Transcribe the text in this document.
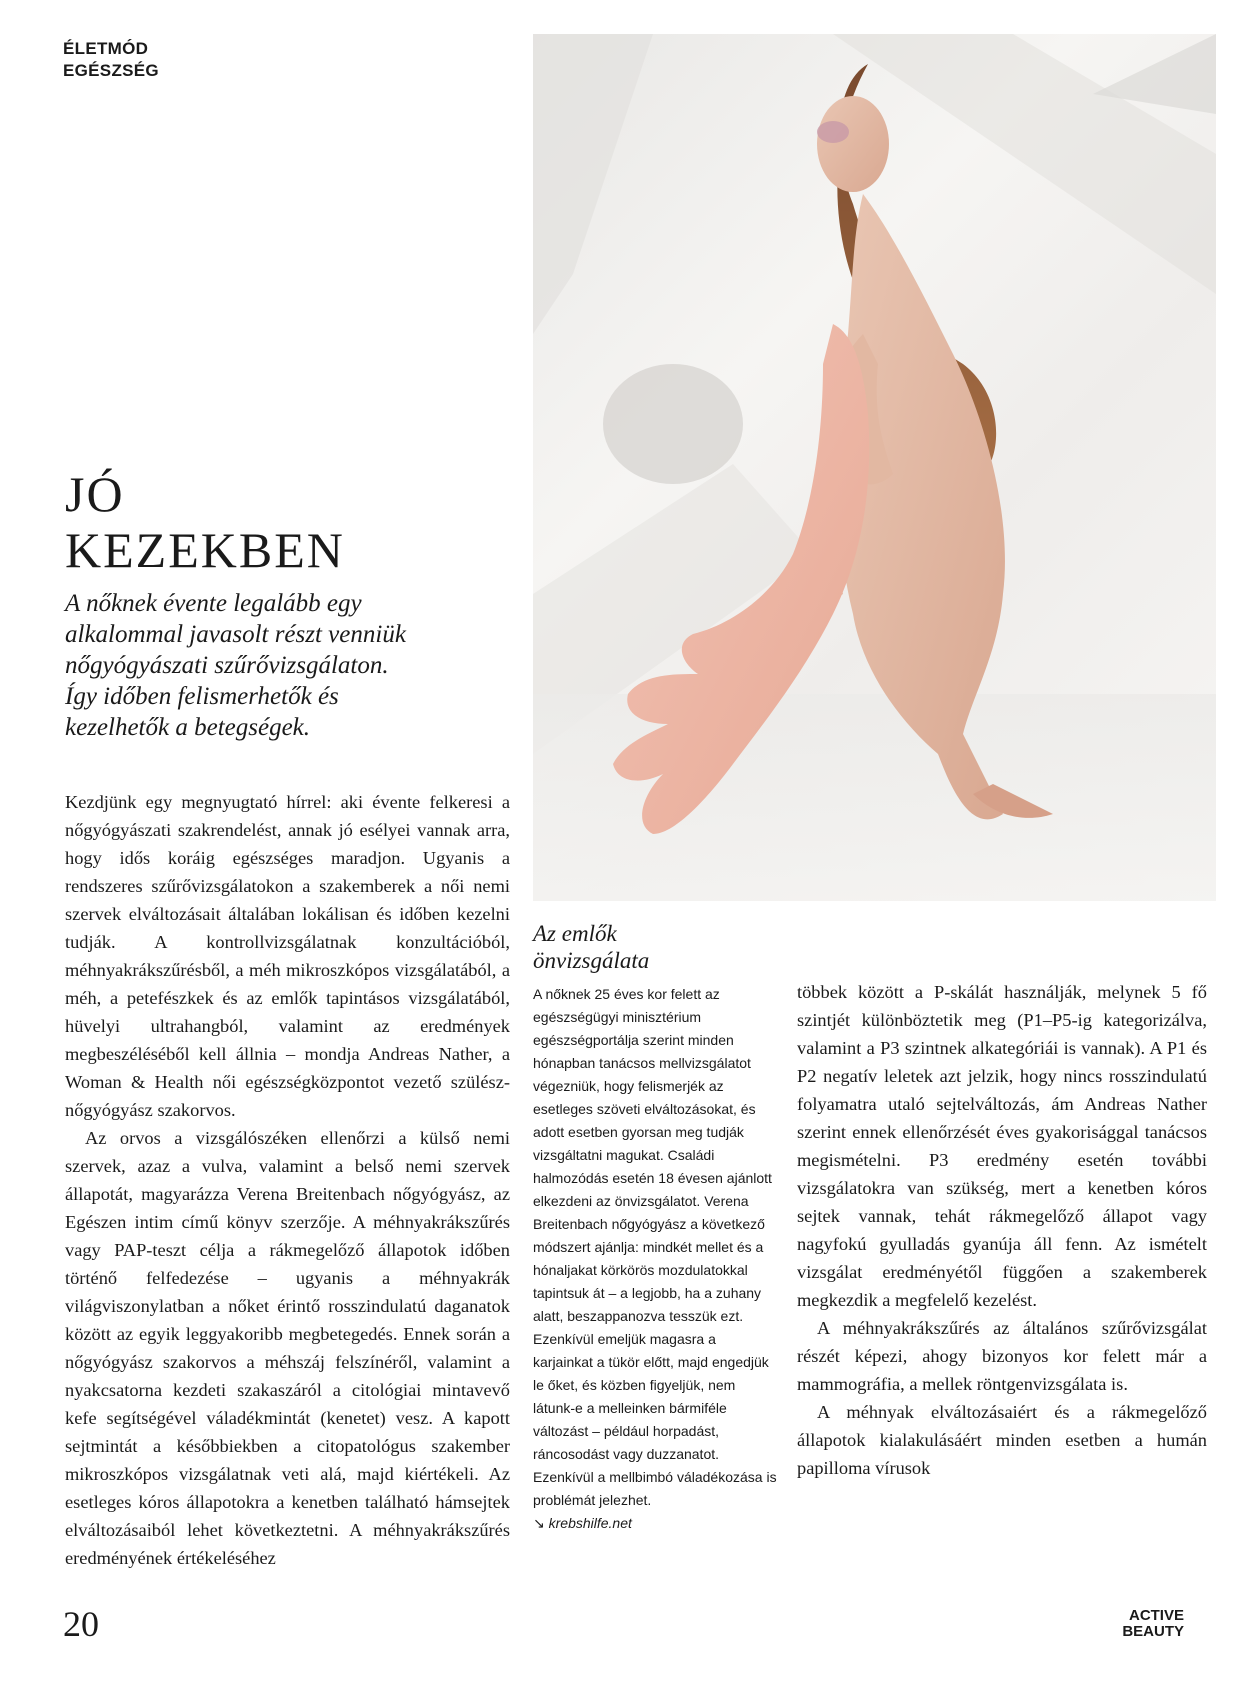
ÉLETMÓD
EGÉSZSÉG
JÓ
KEZEKBEN
A nőknek évente legalább egy
alkalommal javasolt részt venniük
nőgyógyászati szűrővizsgálaton.
Így időben felismerhetők és
kezelhetők a betegségek.

Kezdjünk egy megnyugtató hírrel: aki évente felkeresi a nőgyógyászati szakrendelést, annak jó esélyei vannak arra, hogy idős koráig egészséges maradjon. Ugyanis a rendszeres szűrővizsgálatokon a szakemberek a női nemi szervek elváltozásait általában lokálisan és időben kezelni tudják. A kontrollvizsgálatnak konzultációból, méhnyakrákszűrésből, a méh mikroszkópos vizsgálatából, a méh, a petefészkek és az emlők tapintásos vizsgálatából, hüvelyi ultrahangból, valamint az eredmények megbeszéléséből kell állnia – mondja Andreas Nather, a Woman & Health női egészségközpontot vezető szülész-nőgyógyász szakorvos.

Az orvos a vizsgálószéken ellenőrzi a külső nemi szervek, azaz a vulva, valamint a belső nemi szervek állapotát, magyarázza Verena Breitenbach nőgyógyász, az Egészen intim című könyv szerzője. A méhnyakrákszűrés vagy PAP-teszt célja a rákmegelőző állapotok időben történő felfedezése – ugyanis a méhnyakrák világviszonylatban a nőket érintő rosszindulatú daganatok között az egyik leggyakoribb megbetegedés. Ennek során a nőgyógyász szakorvos a méhszáj felszínéről, valamint a nyakcsatorna kezdeti szakaszáról a citológiai mintavevő kefe segítségével váladékmintát (kenetet) vesz. A kapott sejtmintát a későbbiekben a citopatológus szakember mikroszkópos vizsgálatnak veti alá, majd kiértékeli. Az esetleges kóros állapotokra a kenetben található hámsejtek elváltozásaiból lehet következtetni. A méhnyakrákszűrés eredményének értékeléséhez

Az emlők
önvizsgálata

A nőknek 25 éves kor felett az egészségügyi minisztérium egészségportálja szerint minden hónapban tanácsos mellvizsgálatot végezniük, hogy felismerjék az esetleges szöveti elváltozásokat, és adott esetben gyorsan meg tudják vizsgáltatni magukat. Családi halmozódás esetén 18 évesen ajánlott elkezdeni az önvizsgálatot. Verena Breitenbach nőgyógyász a következő módszert ajánlja: mindkét mellet és a hónaljakat körkörös mozdulatokkal tapintsuk át – a legjobb, ha a zuhany alatt, beszappanozva tesszük ezt. Ezenkívül emeljük magasra a karjainkat a tükör előtt, majd engedjük le őket, és közben figyeljük, nem látunk-e a melleinken bármiféle változást – például horpadást, ráncosodást vagy duzzanatot. Ezenkívül a mellbimbó váladékozása is problémát jelezhet.

↘ krebshilfe.net

többek között a P-skálát használják, melynek 5 fő szintjét különböztetik meg (P1–P5-ig kategorizálva, valamint a P3 szintnek alkategóriái is vannak). A P1 és P2 negatív leletek azt jelzik, hogy nincs rosszindulatú folyamatra utaló sejtelváltozás, ám Andreas Nather szerint ennek ellenőrzését éves gyakorisággal tanácsos megismételni. P3 eredmény esetén további vizsgálatokra van szükség, mert a kenetben kóros sejtek vannak, tehát rákmegelőző állapot vagy nagyfokú gyulladás gyanúja áll fenn. Az ismételt vizsgálat eredményétől függően a szakemberek megkezdik a megfelelő kezelést.

A méhnyakrákszűrés az általános szűrővizsgálat részét képezi, ahogy bizonyos kor felett már a mammográfia, a mellek röntgenvizsgálata is.

A méhnyak elváltozásaiért és a rákmegelőző állapotok kialakulásáért minden esetben a humán papilloma vírusok

20	ACTIVE
BEAUTY
